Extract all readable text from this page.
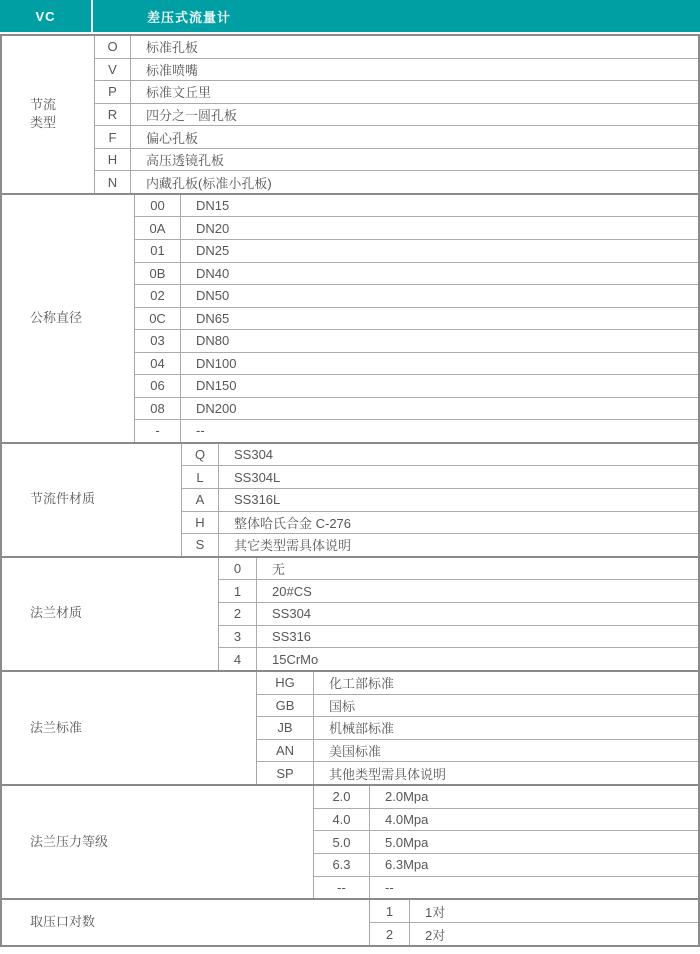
VC	差压式流量计
节流
类型
O	标准孔板
V	标准喷嘴
P	标准文丘里
R	四分之一圆孔板
F	偏心孔板
H	高压透镜孔板
N	内藏孔板(标准小孔板)
公称直径
00	DN15
0A	DN20
01	DN25
0B	DN40
02	DN50
0C	DN65
03	DN80
04	DN100
06	DN150
08	DN200
-	--
节流件材质
Q	SS304
L	SS304L
A	SS316L
H	整体哈氏合金 C-276
S	其它类型需具体说明
法兰材质
0	无
1	20#CS
2	SS304
3	SS316
4	15CrMo
法兰标准
HG	化工部标准
GB	国标
JB	机械部标准
AN	美国标准
SP	其他类型需具体说明
法兰压力等级
2.0	2.0Mpa
4.0	4.0Mpa
5.0	5.0Mpa
6.3	6.3Mpa
--	--
取压口对数
1	1对
2	2对
